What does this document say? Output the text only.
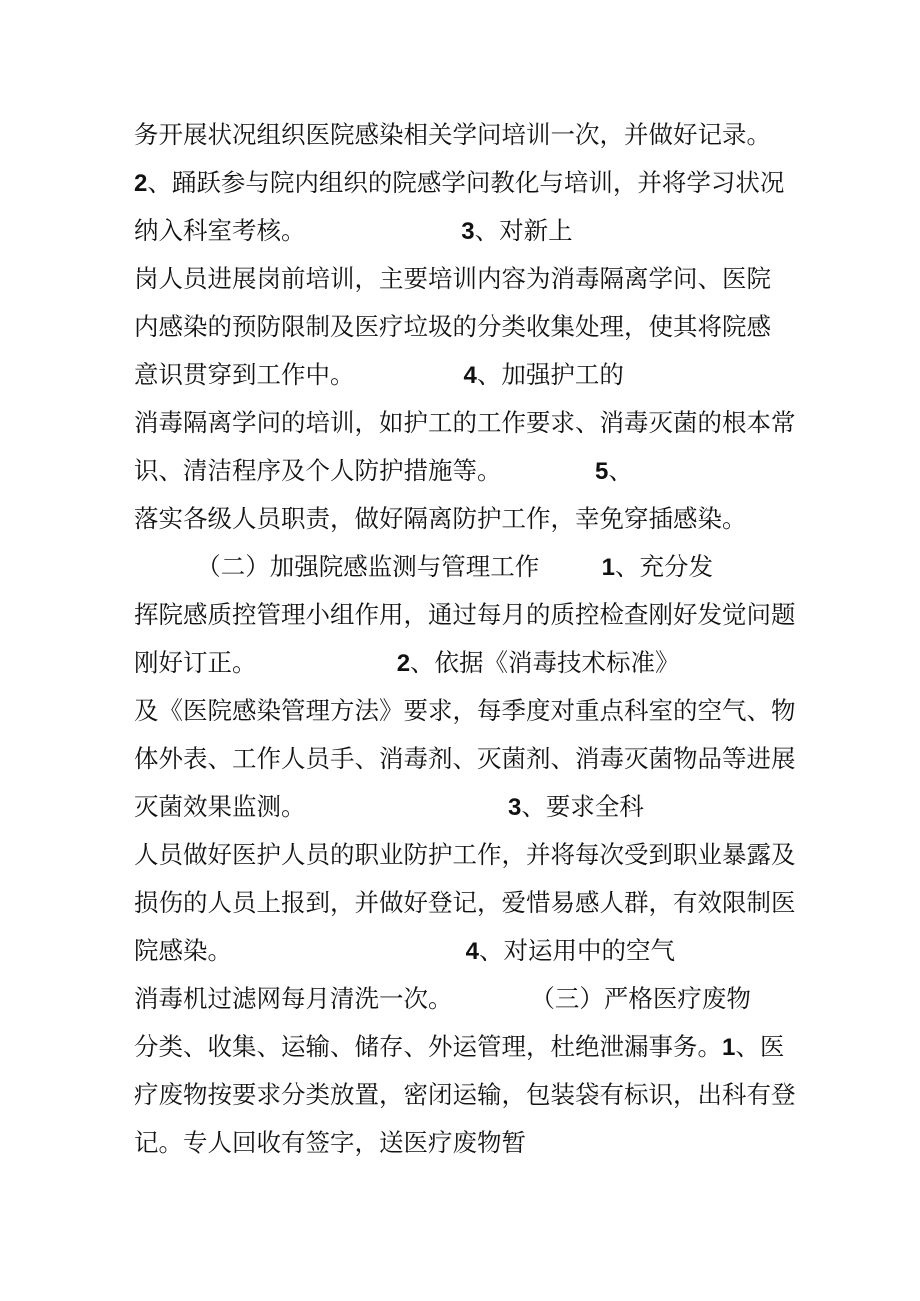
务开展状况组织医院感染相关学问培训一次，并做好记录。
2、踊跃参与院内组织的院感学问教化与培训，并将学习状况
纳入科室考核。                    3、对新上
岗人员进展岗前培训，主要培训内容为消毒隔离学问、医院
内感染的预防限制及医疗垃圾的分类收集处理，使其将院感
意识贯穿到工作中。              4、加强护工的
消毒隔离学问的培训，如护工的工作要求、消毒灭菌的根本常
识、清洁程序及个人防护措施等。            5、
落实各级人员职责，做好隔离防护工作，幸免穿插感染。
（二）加强院感监测与管理工作        1、充分发
挥院感质控管理小组作用，通过每月的质控检查刚好发觉问题
刚好订正。                  2、依据《消毒技术标准》
及《医院感染管理方法》要求，每季度对重点科室的空气、物
体外表、工作人员手、消毒剂、灭菌剂、消毒灭菌物品等进展
灭菌效果监测。                          3、要求全科
人员做好医护人员的职业防护工作，并将每次受到职业暴露及
损伤的人员上报到，并做好登记，爱惜易感人群，有效限制医
院感染。                              4、对运用中的空气
消毒机过滤网每月清洗一次。          （三）严格医疗废物
分类、收集、运输、储存、外运管理，杜绝泄漏事务。1、医
疗废物按要求分类放置，密闭运输，包装袋有标识，出科有登
记。专人回收有签字，送医疗废物暂
